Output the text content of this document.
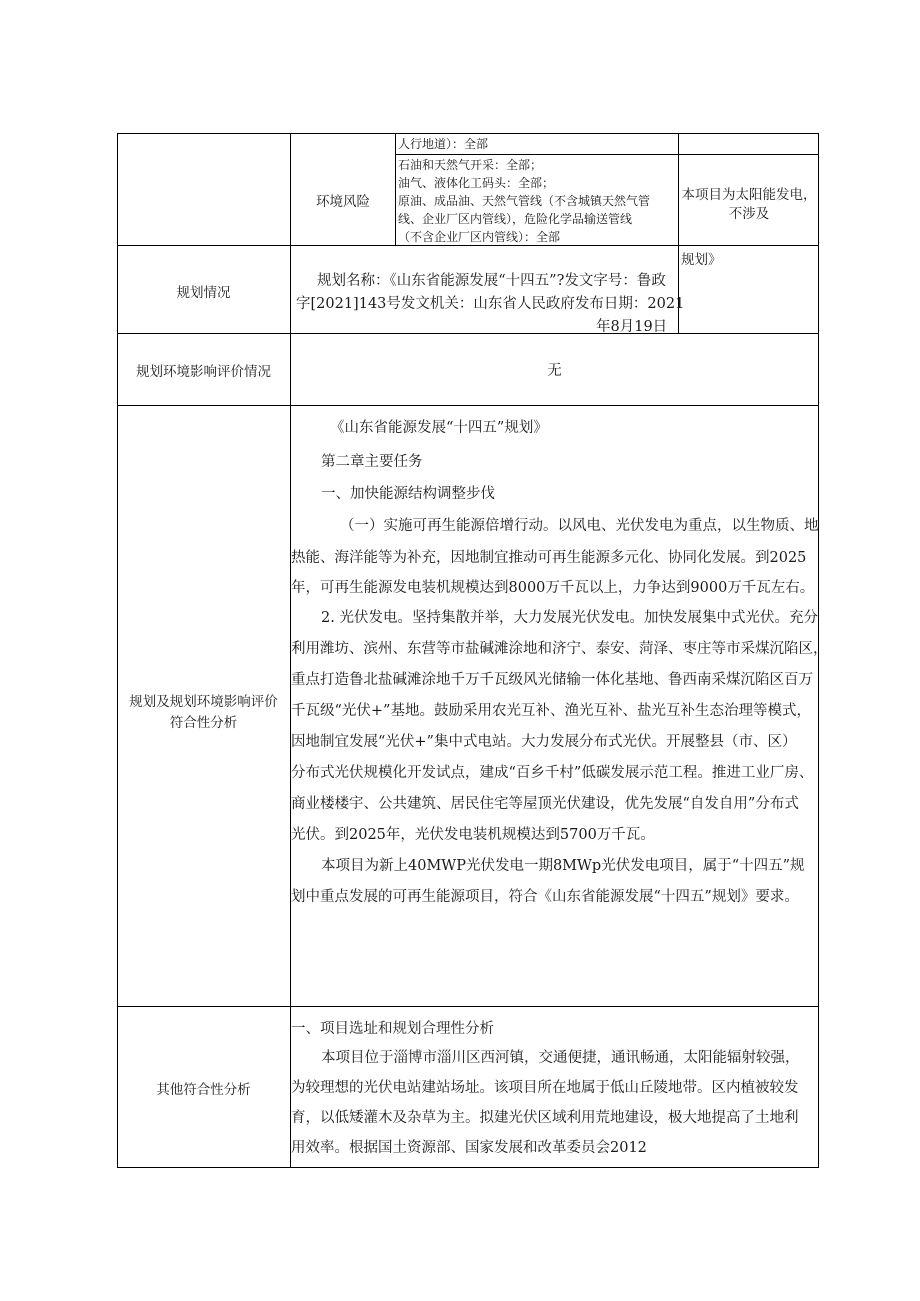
人行地道）：全部
环境风险
石油和天然气开采：全部；
油气、液体化工码头：全部；
原油、成品油、天然气管线（不含城镇天然气管
线、企业厂区内管线），危险化学品输送管线
（不含企业厂区内管线）：全部
本项目为太阳能发电，
不涉及
规划情况
规划》
规划名称：《山东省能源发展“十四五”?发文字号：鲁政
字[2021]143号发文机关：山东省人民政府发布日期：2021
年8月19日
规划环境影响评价情况	无
规划及规划环境影响评价
符合性分析
《山东省能源发展“十四五”规划》
第二章主要任务
一、加快能源结构调整步伐
（一）实施可再生能源倍增行动。以风电、光伏发电为重点，以生物质、地
热能、海洋能等为补充，因地制宜推动可再生能源多元化、协同化发展。到2025
年，可再生能源发电装机规模达到8000万千瓦以上，力争达到9000万千瓦左右。
2. 光伏发电。坚持集散并举，大力发展光伏发电。加快发展集中式光伏。充分
利用潍坊、滨州、东营等市盐碱滩涂地和济宁、泰安、菏泽、枣庄等市采煤沉陷区，
重点打造鲁北盐碱滩涂地千万千瓦级风光储输一体化基地、鲁西南采煤沉陷区百万
千瓦级“光伏+”基地。鼓励采用农光互补、渔光互补、盐光互补生态治理等模式，
因地制宜发展“光伏+”集中式电站。大力发展分布式光伏。开展整县（市、区）
分布式光伏规模化开发试点，建成“百乡千村”低碳发展示范工程。推进工业厂房、
商业楼楼宇、公共建筑、居民住宅等屋顶光伏建设，优先发展“自发自用”分布式
光伏。到2025年，光伏发电装机规模达到5700万千瓦。
本项目为新上40MWP光伏发电一期8MWp光伏发电项目，属于“十四五”规
划中重点发展的可再生能源项目，符合《山东省能源发展“十四五”规划》要求。
其他符合性分析
一、项目选址和规划合理性分析
本项目位于淄博市淄川区西河镇，交通便捷，通讯畅通，太阳能辐射较强，
为较理想的光伏电站建站场址。该项目所在地属于低山丘陵地带。区内植被较发
育，以低矮灌木及杂草为主。拟建光伏区域利用荒地建设，极大地提高了土地利
用效率。根据国土资源部、国家发展和改革委员会2012
